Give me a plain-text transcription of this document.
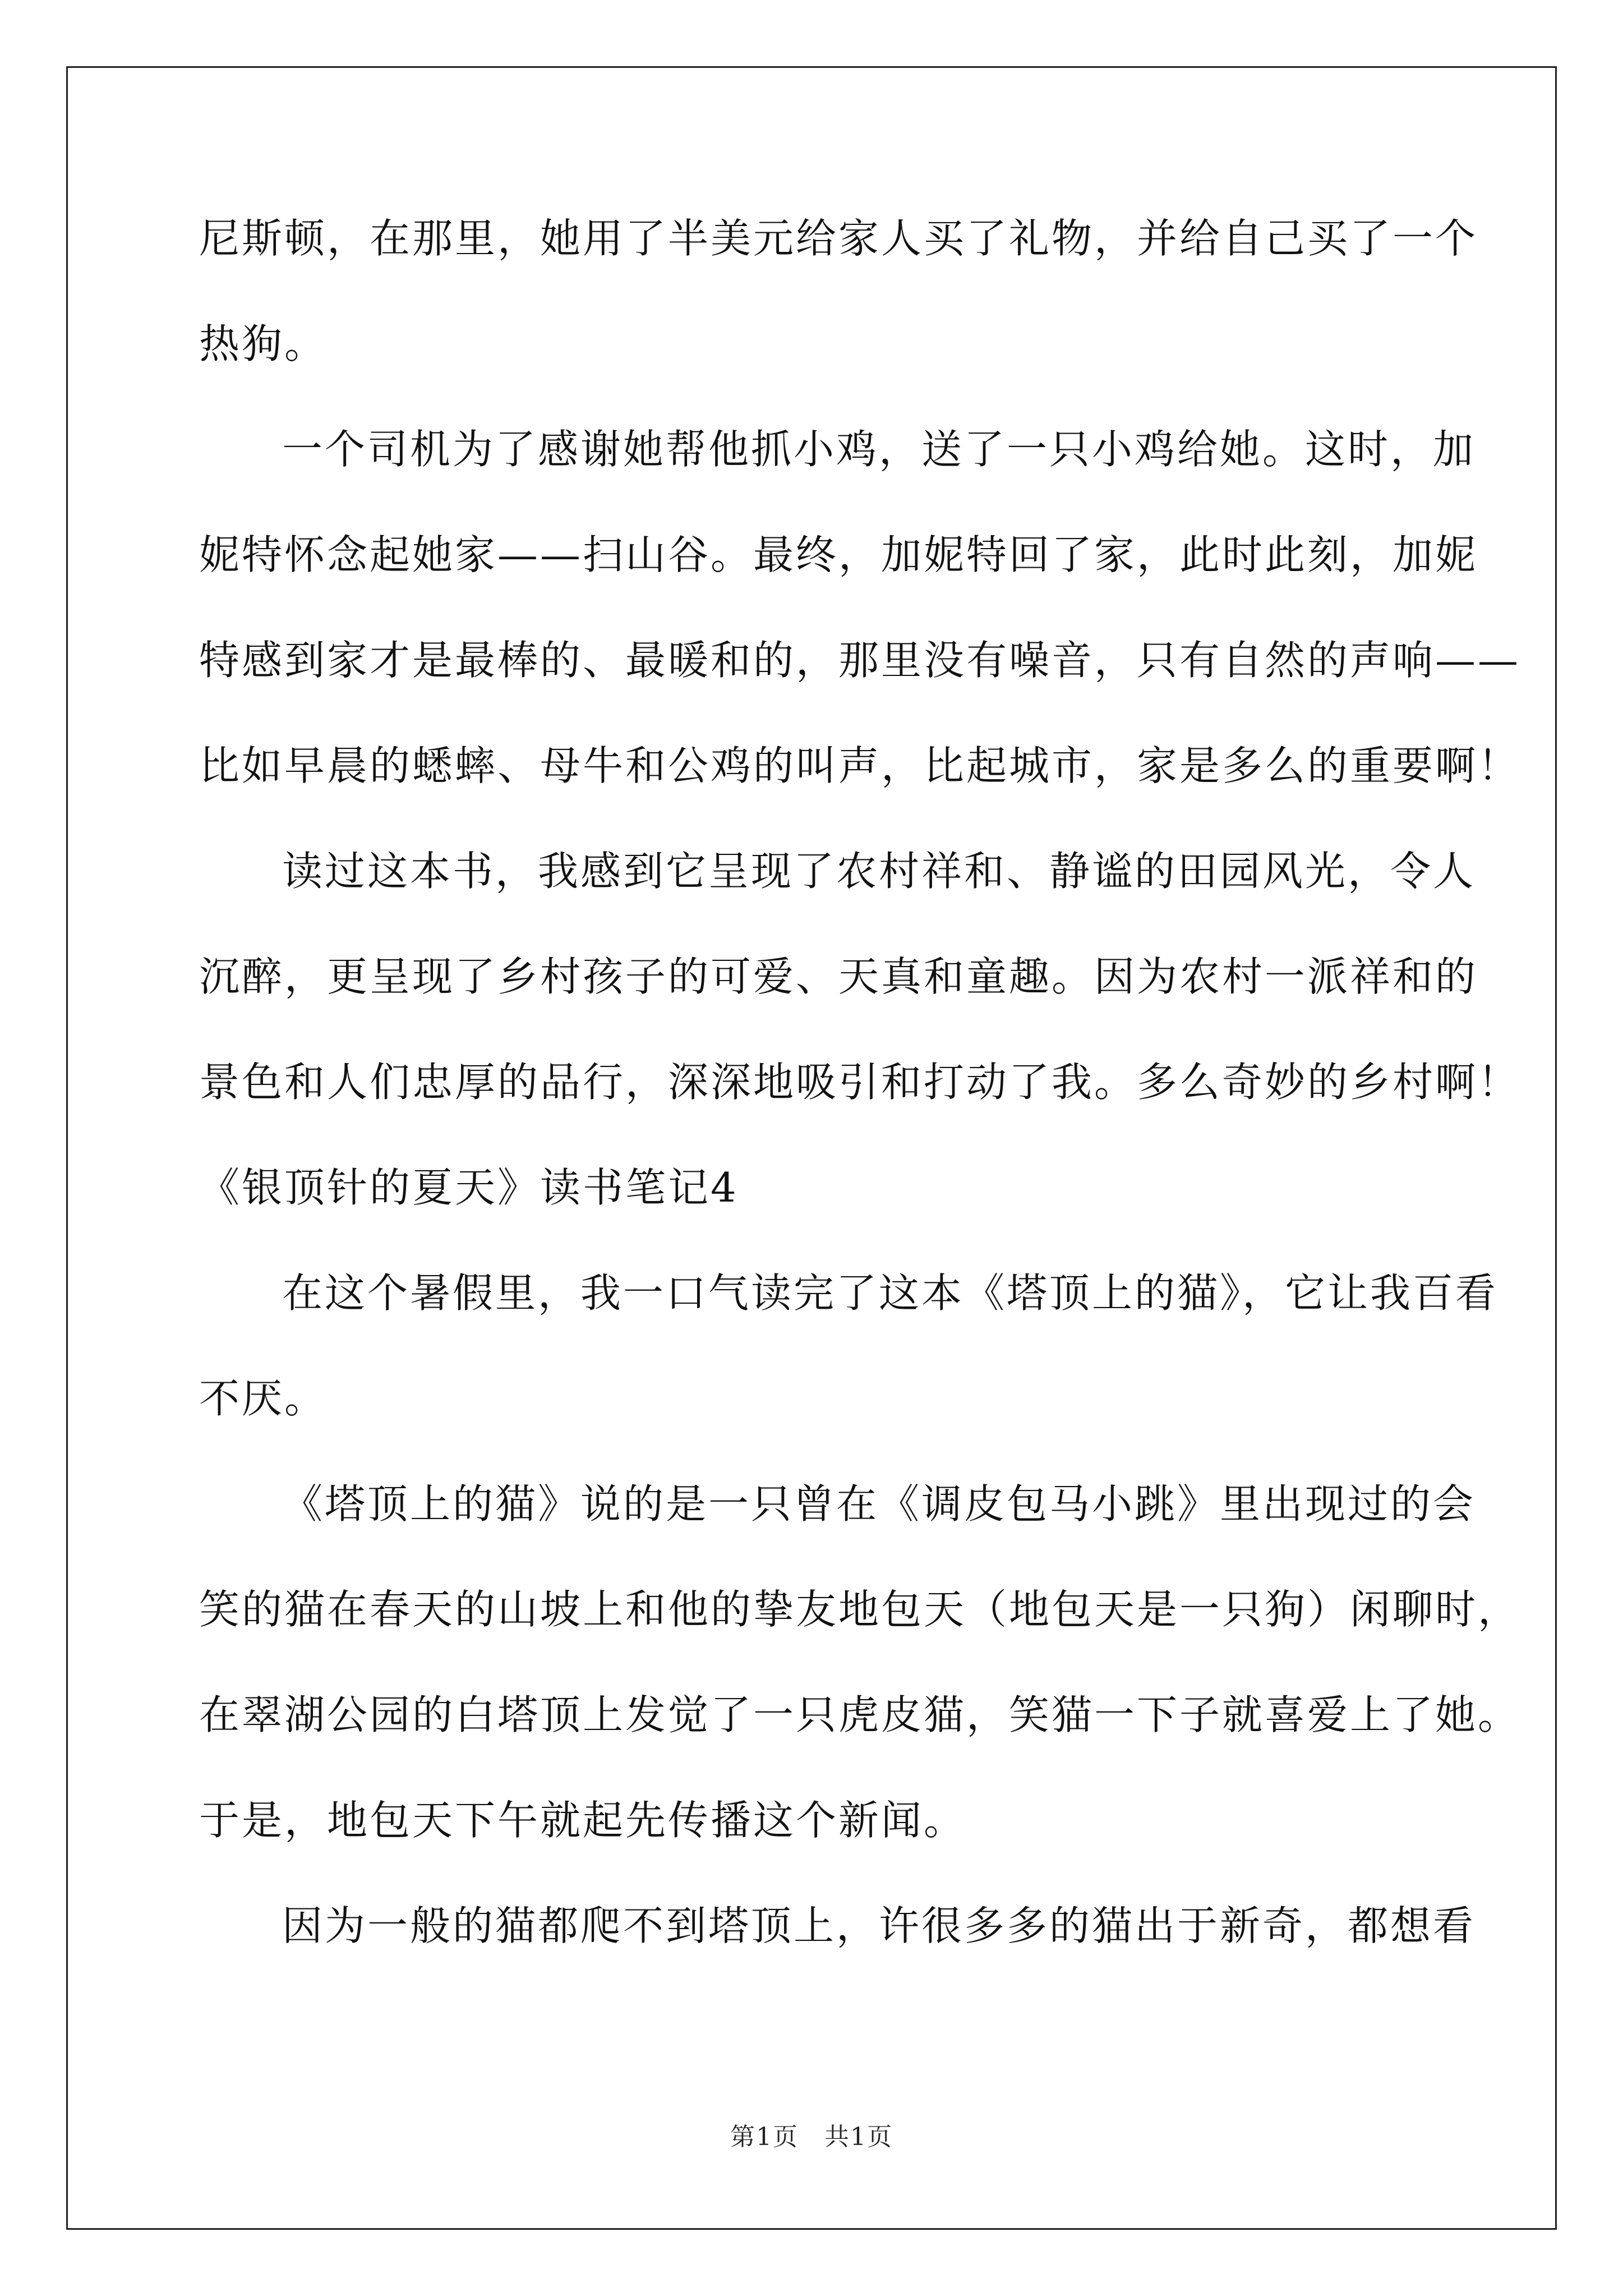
尼斯顿，在那里，她用了半美元给家人买了礼物，并给自己买了一个
热狗。
一个司机为了感谢她帮他抓小鸡，送了一只小鸡给她。这时，加
妮特怀念起她家——扫山谷。最终，加妮特回了家，此时此刻，加妮
特感到家才是最棒的、最暖和的，那里没有噪音，只有自然的声响——
比如早晨的蟋蟀、母牛和公鸡的叫声，比起城市，家是多么的重要啊！
读过这本书，我感到它呈现了农村祥和、静谧的田园风光，令人
沉醉，更呈现了乡村孩子的可爱、天真和童趣。因为农村一派祥和的
景色和人们忠厚的品行，深深地吸引和打动了我。多么奇妙的乡村啊！
《银顶针的夏天》读书笔记4
在这个暑假里，我一口气读完了这本《塔顶上的猫》，它让我百看
不厌。
《塔顶上的猫》说的是一只曾在《调皮包马小跳》里出现过的会
笑的猫在春天的山坡上和他的挚友地包天（地包天是一只狗）闲聊时，
在翠湖公园的白塔顶上发觉了一只虎皮猫，笑猫一下子就喜爱上了她。
于是，地包天下午就起先传播这个新闻。
因为一般的猫都爬不到塔顶上，许很多多的猫出于新奇，都想看
第1页　共1页
